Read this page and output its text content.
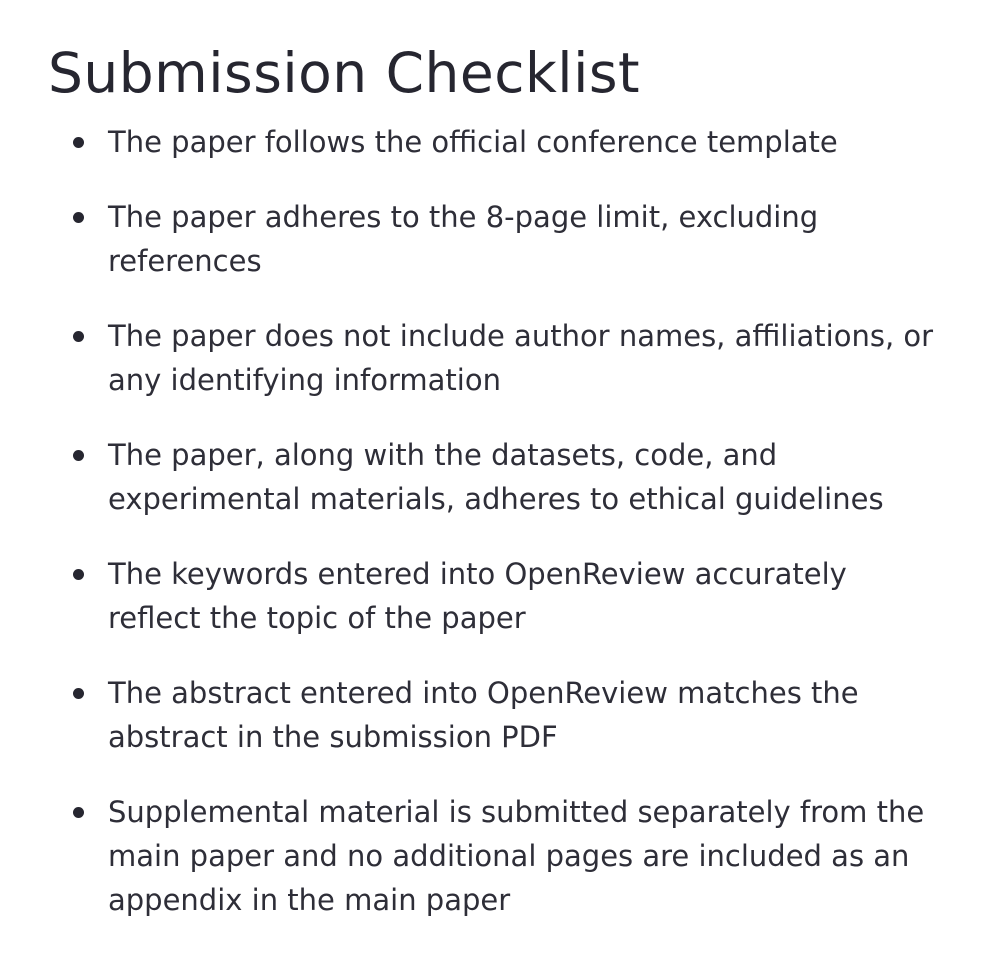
Submission Checklist
The paper follows the official conference template
The paper adheres to the 8-page limit, excluding references
The paper does not include author names, affiliations, or any identifying information
The paper, along with the datasets, code, and experimental materials, adheres to ethical guidelines
The keywords entered into OpenReview accurately reflect the topic of the paper
The abstract entered into OpenReview matches the abstract in the submission PDF
Supplemental material is submitted separately from the main paper and no additional pages are included as an appendix in the main paper
